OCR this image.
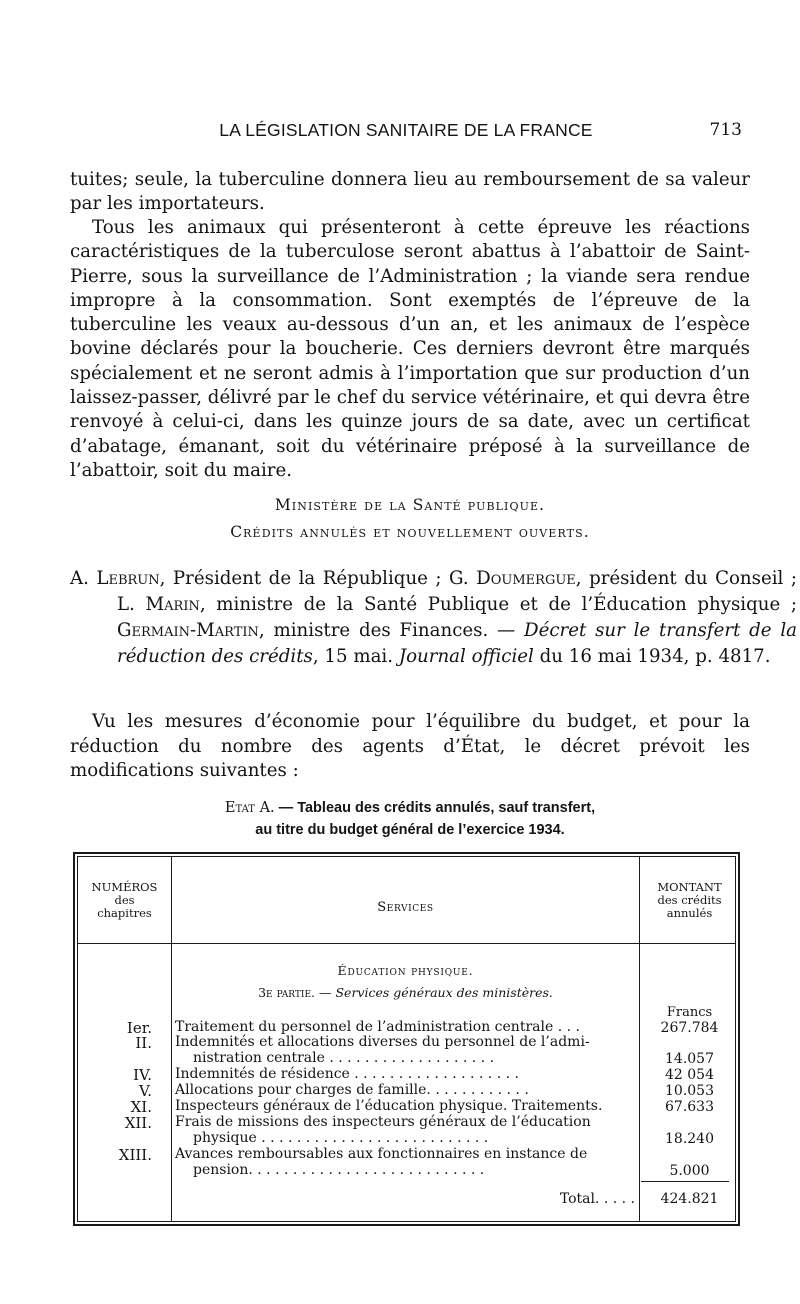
LA LÉGISLATION SANITAIRE DE LA FRANCE	713

tuites; seule, la tuberculine donnera lieu au remboursement de sa valeur par les importateurs.

Tous les animaux qui présenteront à cette épreuve les réactions caractéristiques de la tuberculose seront abattus à l’abattoir de Saint-Pierre, sous la surveillance de l’Administration ; la viande sera rendue impropre à la consommation. Sont exemptés de l’épreuve de la tuberculine les veaux au-dessous d’un an, et les animaux de l’espèce bovine déclarés pour la boucherie. Ces derniers devront être marqués spécialement et ne seront admis à l’importation que sur production d’un laissez-passer, délivré par le chef du service vétérinaire, et qui devra être renvoyé à celui-ci, dans les quinze jours de sa date, avec un certificat d’abatage, émanant, soit du vétérinaire préposé à la surveillance de l’abattoir, soit du maire.

Ministère de la Santé publique.
Crédits annulés et nouvellement ouverts.

A. Lebrun, Président de la République ; G. Doumergue, président du Conseil ; L. Marin, ministre de la Santé Publique et de l’Éducation physique ; Germain-Martin, ministre des Finances. — Décret sur le transfert de la réduction des crédits, 15 mai. Journal officiel du 16 mai 1934, p. 4817.

Vu les mesures d’économie pour l’équilibre du budget, et pour la réduction du nombre des agents d’État, le décret prévoit les modifications suivantes :

Etat A. — Tableau des crédits annulés, sauf transfert,
au titre du budget général de l’exercice 1934.
NUMÉROS
des
chapitres	Services
MONTANT
des crédits
annulés
Éducation physique.
3e partie. — Services généraux des ministères.
Francs
Ier. Traitement du personnel de l’administration centrale . . .	267.784
II. Indemnités et allocations diverses du personnel de l’admi-
nistration centrale . . . . . . . . . . . . . . . . . . .	14.057
IV. Indemnités de résidence . . . . . . . . . . . . . . . . . . .	42 054
V. Allocations pour charges de famille. . . . . . . . . . . .	10.053
XI. Inspecteurs généraux de l’éducation physique. Traitements.	67.633
XII. Frais de missions des inspecteurs généraux de l’éducation
physique . . . . . . . . . . . . . . . . . . . . . . . . . .	18.240
XIII. Avances remboursables aux fonctionnaires en instance de
pension. . . . . . . . . . . . . . . . . . . . . . . . . . .	5.000
Total. . . . .	424.821
